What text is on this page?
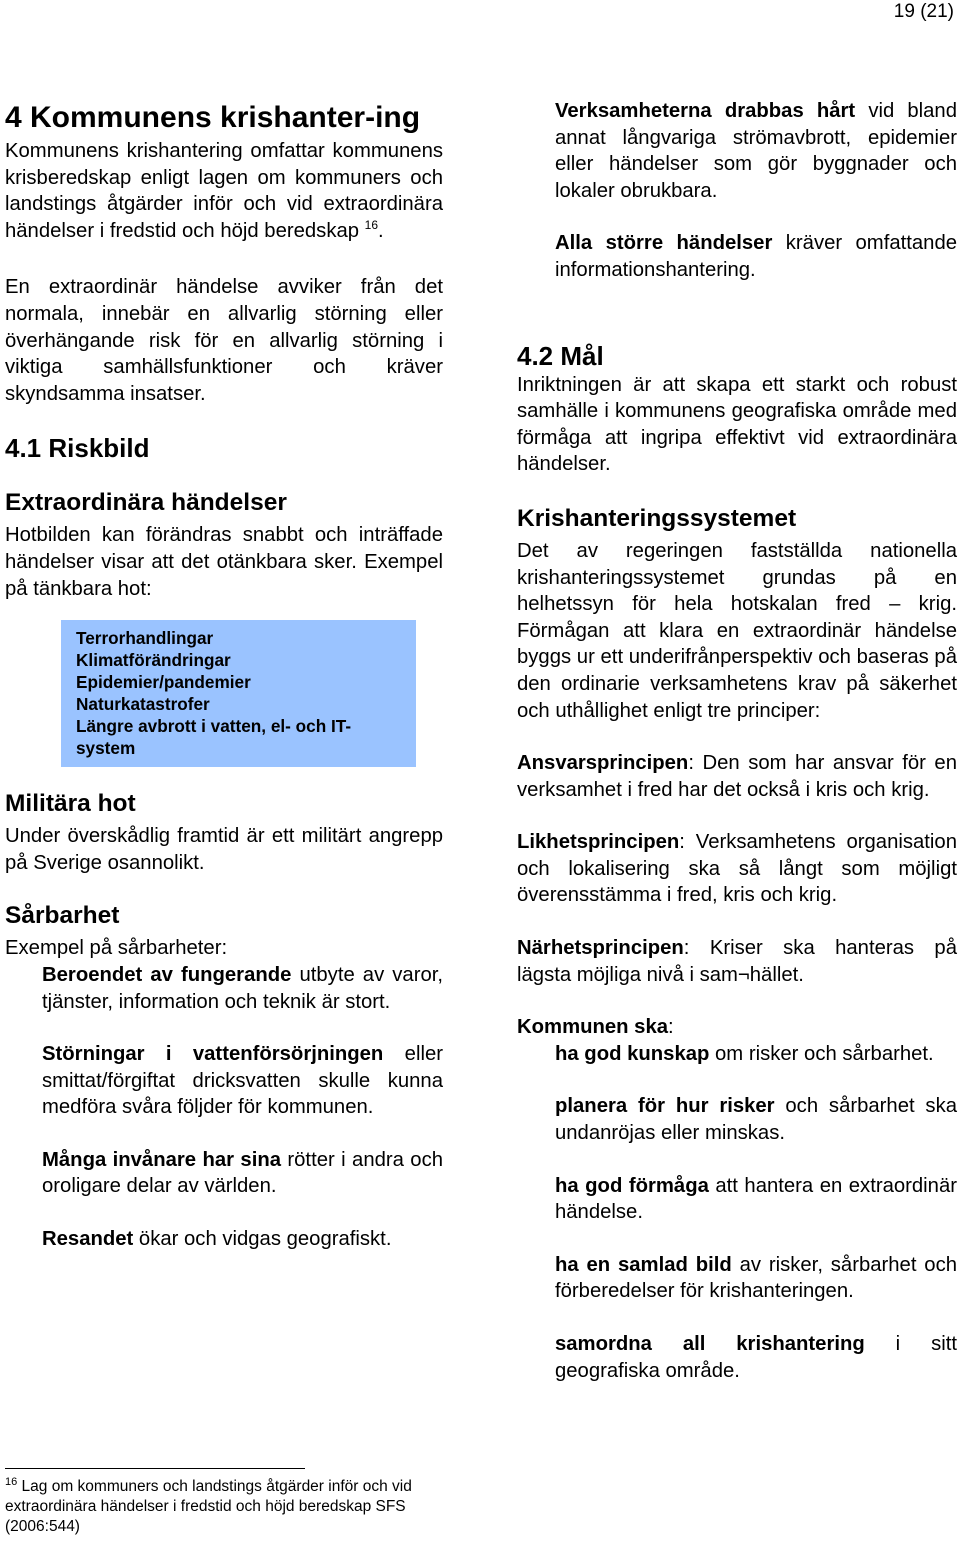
19 (21)
4 Kommunens krishanter-ing

Kommunens krishantering omfattar kommunens krisberedskap enligt lagen om kommuners och landstings åtgärder inför och vid extraordinära händelser i fredstid och höjd beredskap $^{16}$.

En extraordinär händelse avviker från det normala, innebär en allvarlig störning eller överhängande risk för en allvarlig störning i viktiga samhällsfunktioner och kräver skyndsamma insatser.

4.1 Riskbild
Extraordinära händelser

Hotbilden kan förändras snabbt och inträffade händelser visar att det otänkbara sker. Exempel på tänkbara hot:

Terrorhandlingar
Klimatförändringar
Epidemier/pandemier
Naturkatastrofer
Längre avbrott i vatten, el- och IT-
system
Militära hot

Under överskådlig framtid är ett militärt angrepp på Sverige osannolikt.

Sårbarhet

Exempel på sårbarheter:

Beroendet av fungerande utbyte av varor, tjänster, information och teknik är stort.

Störningar i vattenförsörjningen eller smittat/förgiftat dricksvatten skulle kunna medföra svåra följder för kommunen.

Många invånare har sina rötter i andra och oroligare delar av världen.

Resandet ökar och vidgas geografiskt.

Verksamheterna drabbas hårt vid bland annat långvariga strömavbrott, epidemier eller händelser som gör byggnader och lokaler obrukbara.

Alla större händelser kräver omfattande informationshantering.

4.2 Mål

Inriktningen är att skapa ett starkt och robust samhälle i kommunens geografiska område med förmåga att ingripa effektivt vid extraordinära händelser.

Krishanteringssystemet

Det av regeringen fastställda nationella krishanteringssystemet grundas på en helhetssyn för hela hotskalan fred – krig. Förmågan att klara en extraordinär händelse byggs ur ett underifrånperspektiv och baseras på den ordinarie verksamhetens krav på säkerhet och uthållighet enligt tre principer:

Ansvarsprincipen: Den som har ansvar för en verksamhet i fred har det också i kris och krig.

Likhetsprincipen: Verksamhetens organisation och lokalisering ska så långt som möjligt överensstämma i fred, kris och krig.

Närhetsprincipen: Kriser ska hanteras på lägsta möjliga nivå i sam¬hället.

Kommunen ska:

ha god kunskap om risker och sårbarhet.

planera för hur risker och sårbarhet ska undanröjas eller minskas.

ha god förmåga att hantera en extraordinär händelse.

ha en samlad bild av risker, sårbarhet och förberedelser för krishanteringen.

samordna all krishantering i sitt geografiska område.

$^{16}$ Lag om kommuners och landstings åtgärder inför och vid extraordinära händelser i fredstid och höjd beredskap SFS (2006:544)
